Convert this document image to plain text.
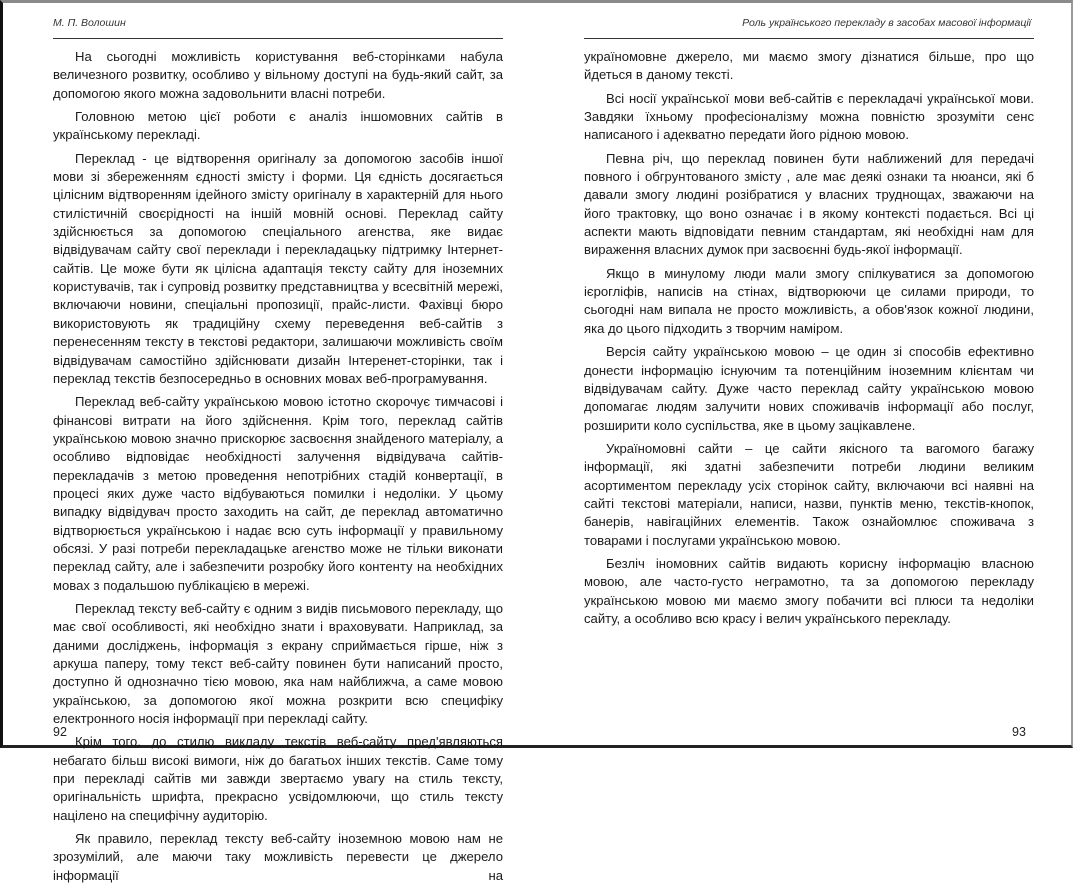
М. П. Волошин

На сьогодні можливість користування веб-сторінками набула величезного розвитку, особливо у вільному доступі на будь-який сайт, за допомогою якого можна задовольнити власні потреби.

Головною метою цієї роботи є аналіз іншомовних сайтів в українському перекладі.

Переклад - це відтворення оригіналу за допомогою засобів іншої мови зі збереженням єдності змісту і форми. Ця єдність досягається цілісним відтворенням ідейного змісту оригіналу в характерній для нього стилістичній своєрідності на іншій мовній основі. Переклад сайту здійснюється за допомогою спеціального агенства, яке видає відвідувачам сайту свої переклади і перекладацьку підтримку Інтернет-сайтів. Це може бути як цілісна адаптація тексту сайту для іноземних користувачів, так і супровід розвитку представництва у всесвітній мережі, включаючи новини, спеціальні пропозиції, прайс-листи. Фахівці бюро використовують як традиційну схему переведення веб-сайтів з перенесенням тексту в текстові редактори, залишаючи можливість своїм відвідувачам самостійно здійснювати дизайн Інтеренет-сторінки, так і переклад текстів безпосередньо в основних мовах веб-програмування.

Переклад веб-сайту українською мовою істотно скорочує тимчасові і фінансові витрати на його здійснення. Крім того, переклад сайтів українською мовою значно прискорює засвоєння знайденого матеріалу, а особливо відповідає необхідності залучення відвідувача сайтів-перекладачів з метою проведення непотрібних стадій конвертації, в процесі яких дуже часто відбуваються помилки і недоліки. У цьому випадку відвідувач просто заходить на сайт, де переклад автоматично відтворюється українською і надає всю суть інформації у правильному обсязі. У разі потреби перекладацьке агенство може не тільки виконати переклад сайту, але і забезпечити розробку його контенту на необхідних мовах з подальшою публікацією в мережі.

Переклад тексту веб-сайту є одним з видів письмового перекладу, що має свої особливості, які необхідно знати і враховувати. Наприклад, за даними досліджень, інформація з екрану сприймається гірше, ніж з аркуша паперу, тому текст веб-сайту повинен бути написаний просто, доступно й однозначно тією мовою, яка нам найближча, а саме мовою українською, за допомогою якої можна розкрити всю специфіку електронного носія інформації при перекладі сайту.

Крім того, до стилю викладу текстів веб-сайту пред'являються небагато більш високі вимоги, ніж до багатьох інших текстів. Саме тому при перекладі сайтів ми завжди звертаємо увагу на стиль тексту, оригінальність шрифта, прекрасно усвідомлюючи, що стиль тексту націлено на специфічну аудиторію.

Як правило, переклад тексту веб-сайту іноземною мовою нам не зрозумілий, але маючи таку можливість перевести це джерело інформації на

92
Роль українського перекладу в засобах масової інформації

україномовне джерело, ми маємо змогу дізнатися більше, про що йдеться в даному тексті.

Всі носії української мови веб-сайтів є перекладачі української мови. Завдяки їхньому професіоналізму можна повністю зрозуміти сенс написаного і адекватно передати його рідною мовою.

Певна річ, що переклад повинен бути наближений для передачі повного і обгрунтованого змісту , але має деякі ознаки та нюанси, які б давали змогу людині розібратися у власних труднощах, зважаючи на його трактовку, що воно означає і в якому контексті подається. Всі ці аспекти мають відповідати певним стандартам, які необхідні нам для вираження власних думок при засвоєнні будь-якої інформації.

Якщо в минулому люди мали змогу спілкуватися за допомогою ієрогліфів, написів на стінах, відтворюючи це силами природи, то сьогодні нам випала не просто можливість, а обов'язок кожної людини, яка до цього підходить з творчим наміром.

Версія сайту українською мовою – це один зі способів ефективно донести інформацію існуючим та потенційним іноземним клієнтам чи відвідувачам сайту. Дуже часто переклад сайту українською мовою допомагає людям залучити нових споживачів інформації або послуг, розширити коло суспільства, яке в цьому зацікавлене.

Україномовні сайти – це сайти якісного та вагомого багажу інформації, які здатні забезпечити потреби людини великим асортиментом перекладу усіх сторінок сайту, включаючи всі наявні на сайті текстові матеріали, написи, назви, пунктів меню, текстів-кнопок, банерів, навігаційних елементів. Також ознайомлює споживача з товарами і послугами українською мовою.

Безліч іномовних сайтів видають корисну інформацію власною мовою, але часто-густо неграмотно, та за допомогою перекладу українською мовою ми маємо змогу побачити всі плюси та недоліки сайту, а особливо всю красу і велич українського перекладу.

93
